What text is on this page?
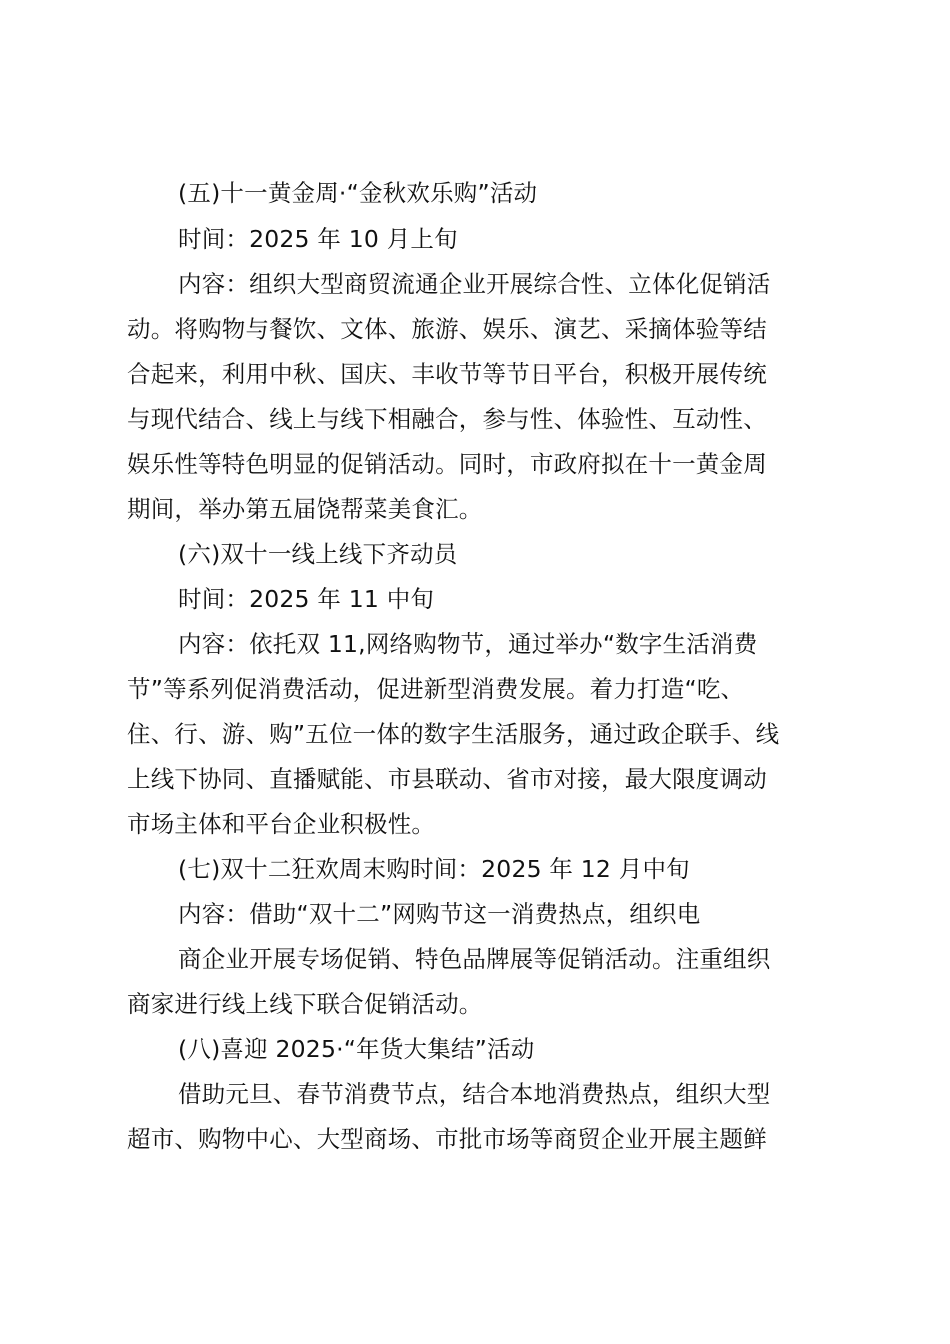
(五)十一黄金周·“金秋欢乐购”活动
时间：2025 年 10 月上旬
内容：组织大型商贸流通企业开展综合性、立体化促销活
动。将购物与餐饮、文体、旅游、娱乐、演艺、采摘体验等结
合起来，利用中秋、国庆、丰收节等节日平台，积极开展传统
与现代结合、线上与线下相融合，参与性、体验性、互动性、
娱乐性等特色明显的促销活动。同时，市政府拟在十一黄金周
期间，举办第五届饶帮菜美食汇。
(六)双十一线上线下齐动员
时间：2025 年 11 中旬
内容：依托双 11,网络购物节，通过举办“数字生活消费
节”等系列促消费活动，促进新型消费发展。着力打造“吃、
住、行、游、购”五位一体的数字生活服务，通过政企联手、线
上线下协同、直播赋能、市县联动、省市对接，最大限度调动
市场主体和平台企业积极性。
(七)双十二狂欢周末购时间：2025 年 12 月中旬
内容：借助“双十二”网购节这一消费热点，组织电
商企业开展专场促销、特色品牌展等促销活动。注重组织
商家进行线上线下联合促销活动。
(八)喜迎 2025·“年货大集结”活动
借助元旦、春节消费节点，结合本地消费热点，组织大型
超市、购物中心、大型商场、市批市场等商贸企业开展主题鲜
